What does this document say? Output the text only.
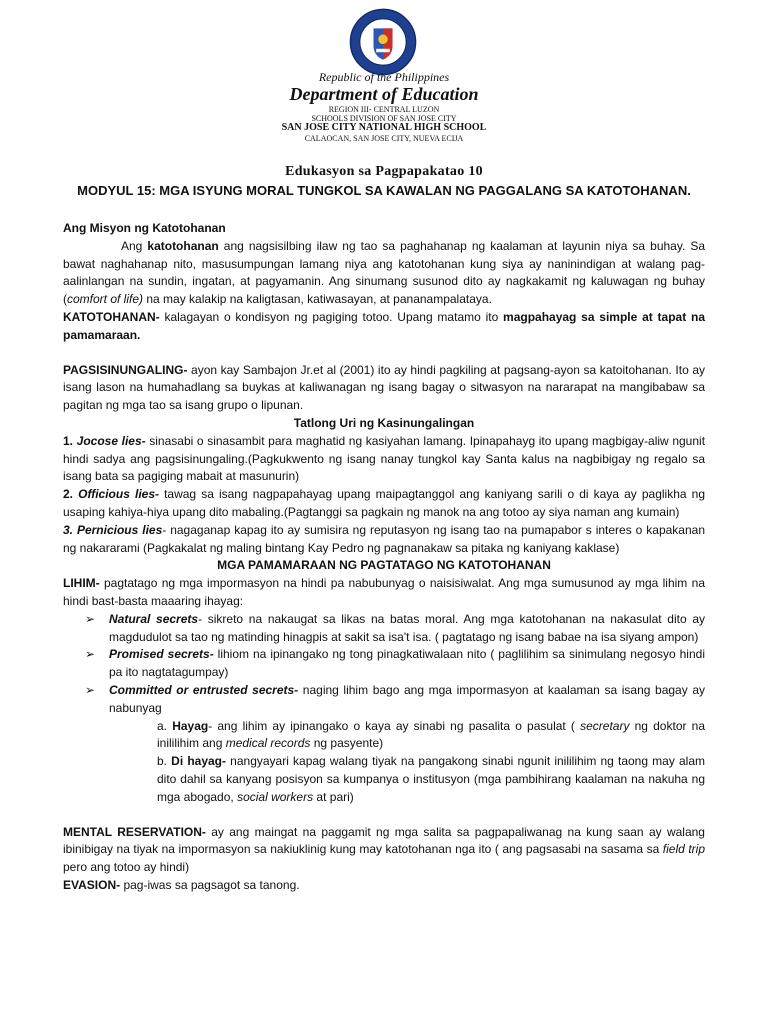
Republic of the Philippines
Department of Education
REGION III- CENTRAL LUZON
SCHOOLS DIVISION OF SAN JOSE CITY
SAN JOSE CITY NATIONAL HIGH SCHOOL
CALAOCAN, SAN JOSE CITY, NUEVA ECIJA
Edukasyon sa Pagpapakatao 10
MODYUL 15: MGA ISYUNG MORAL TUNGKOL SA KAWALAN NG PAGGALANG SA KATOTOHANAN.

Ang Misyon ng Katotohanan

Ang katotohanan ang nagsisilbing ilaw ng tao sa paghahanap ng kaalaman at layunin niya sa buhay. Sa bawat naghahanap nito, masusumpungan lamang niya ang katotohanan kung siya ay naninindigan at walang pag-aalinlangan na sundin, ingatan, at pagyamanin. Ang sinumang susunod dito ay nagkakamit ng kaluwagan ng buhay (comfort of life) na may kalakip na kaligtasan, katiwasayan, at pananampalataya.

KATOTOHANAN- kalagayan o kondisyon ng pagiging totoo. Upang matamo ito magpahayag sa simple at tapat na pamamaraan.

PAGSISINUNGALING- ayon kay Sambajon Jr.et al (2001) ito ay hindi pagkiling at pagsang-ayon sa katoitohanan. Ito ay isang lason na humahadlang sa buykas at kaliwanagan ng isang bagay o sitwasyon na nararapat na mangibabaw sa pagitan ng mga tao sa isang grupo o lipunan.

Tatlong Uri ng Kasinungalingan

1. Jocose lies- sinasabi o sinasambit para maghatid ng kasiyahan lamang. Ipinapahayg ito upang magbigay-aliw ngunit hindi sadya ang pagsisinungaling.(Pagkukwento ng isang nanay tungkol kay Santa kalus na nagbibigay ng regalo sa isang bata sa pagiging mabait at masunurin)

2. Officious lies- tawag sa isang nagpapahayag upang maipagtanggol ang kaniyang sarili o di kaya ay paglikha ng usaping kahiya-hiya upang dito mabaling.(Pagtanggi sa pagkain ng manok na ang totoo ay siya naman ang kumain)

3. Pernicious lies- nagaganap kapag ito ay sumisira ng reputasyon ng isang tao na pumapabor s interes o kapakanan ng nakararami (Pagkakalat ng maling bintang Kay Pedro ng pagnanakaw sa pitaka ng kaniyang kaklase)

MGA PAMAMARAAN NG PAGTATAGO NG KATOTOHANAN

LIHIM- pagtatago ng mga impormasyon na hindi pa nabubunyag o naisisiwalat. Ang mga sumusunod ay mga lihim na hindi bast-basta maaaring ihayag:

➢ Natural secrets- sikreto na nakaugat sa likas na batas moral. Ang mga katotohanan na nakasulat dito ay magdudulot sa tao ng matinding hinagpis at sakit sa isa't isa. ( pagtatago ng isang babae na isa siyang ampon)

➢ Promised secrets- lihiom na ipinangako ng tong pinagkatiwalaan nito ( paglilihim sa sinimulang negosyo hindi pa ito nagtatagumpay)

➢ Committed or entrusted secrets- naging lihim bago ang mga impormasyon at kaalaman sa isang bagay ay nabunyag

a. Hayag- ang lihim ay ipinangako o kaya ay sinabi ng pasalita o pasulat ( secretary ng doktor na inililihim ang medical records ng pasyente)

b. Di hayag- nangyayari kapag walang tiyak na pangakong sinabi ngunit inililihim ng taong may alam dito dahil sa kanyang posisyon sa kumpanya o institusyon (mga pambihirang kaalaman na nakuha ng mga abogado, social workers at pari)

MENTAL RESERVATION- ay ang maingat na paggamit ng mga salita sa pagpapaliwanag na kung saan ay walang ibinibigay na tiyak na impormasyon sa nakiuklinig kung may katotohanan nga ito ( ang pagsasabi na sasama sa field trip pero ang totoo ay hindi)

EVASION- pag-iwas sa pagsagot sa tanong.
